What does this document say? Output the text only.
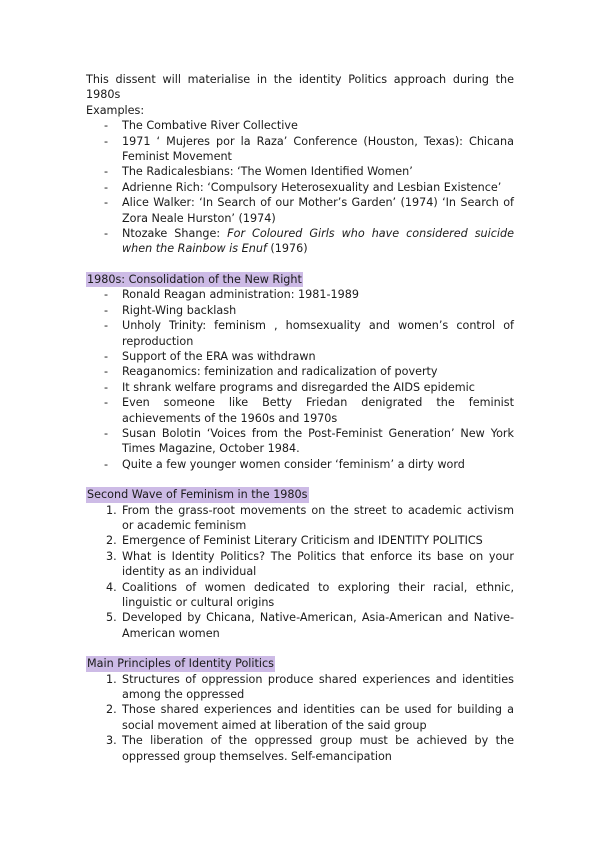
This dissent will materialise in the identity Politics approach during the 1980s

Examples:
- The Combative River Collective
- 1971 ‘ Mujeres por la Raza’ Conference (Houston, Texas): Chicana Feminist Movement
- The Radicalesbians: ‘The Women Identified Women’
- Adrienne Rich: ‘Compulsory Heterosexuality and Lesbian Existence’
- Alice Walker: ‘In Search of our Mother’s Garden’ (1974) ‘In Search of Zora Neale Hurston’ (1974)
- Ntozake Shange: For Coloured Girls who have considered suicide when the Rainbow is Enuf (1976)
1980s: Consolidation of the New Right
- Ronald Reagan administration: 1981-1989
- Right-Wing backlash
- Unholy Trinity: feminism , homsexuality and women’s control of reproduction
- Support of the ERA was withdrawn
- Reaganomics: feminization and radicalization of poverty
- It shrank welfare programs and disregarded the AIDS epidemic
- Even someone like Betty Friedan denigrated the feminist achievements of the 1960s and 1970s
- Susan Bolotin ‘Voices from the Post-Feminist Generation’ New York Times Magazine, October 1984.
- Quite a few younger women consider ‘feminism’ a dirty word
Second Wave of Feminism in the 1980s
1. From the grass-root movements on the street to academic activism or academic feminism
2. Emergence of Feminist Literary Criticism and IDENTITY POLITICS
3. What is Identity Politics? The Politics that enforce its base on your identity as an individual
4. Coalitions of women dedicated to exploring their racial, ethnic, linguistic or cultural origins
5. Developed by Chicana, Native-American, Asia-American and Native-American women
Main Principles of Identity Politics
1. Structures of oppression produce shared experiences and identities among the oppressed
2. Those shared experiences and identities can be used for building a social movement aimed at liberation of the said group
3. The liberation of the oppressed group must be achieved by the oppressed group themselves. Self-emancipation
